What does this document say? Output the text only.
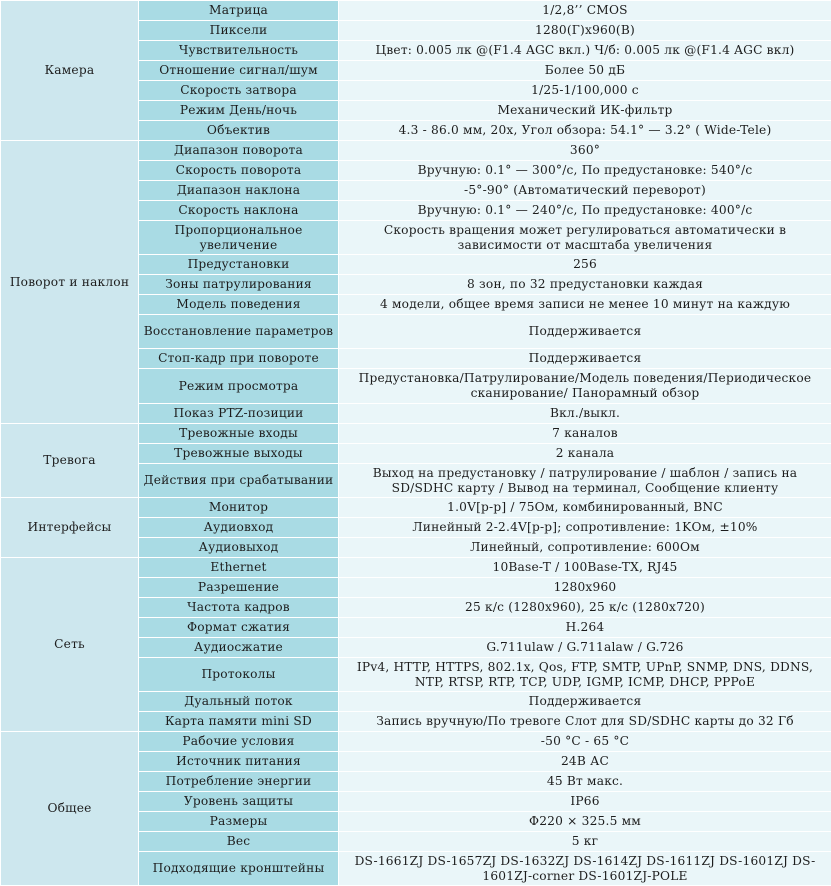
Камера	Матрица	1/2,8’’ CMOS
	Пиксели	1280(Г)x960(В)
	Чувствительность	Цвет: 0.005 лк @(F1.4 AGC вкл.) Ч/б: 0.005 лк @(F1.4 AGC вкл)
	Отношение сигнал/шум	Более 50 дБ
	Скорость затвора	1/25-1/100,000 с
	Режим День/ночь	Механический ИК-фильтр
	Объектив	4.3 - 86.0 мм, 20х, Угол обзора: 54.1° — 3.2° ( Wide-Tele)
Поворот и наклон	Диапазон поворота	360°
	Скорость поворота	Вручную: 0.1° — 300°/с, По предустановке: 540°/с
	Диапазон наклона	-5°-90° (Автоматический переворот)
	Скорость наклона	Вручную: 0.1° — 240°/с, По предустановке: 400°/с
	Пропорциональное увеличение	Скорость вращения может регулироваться автоматически в зависимости от масштаба увеличения
	Предустановки	256
	Зоны патрулирования	8 зон, по 32 предустановки каждая
	Модель поведения	4 модели, общее время записи не менее 10 минут на каждую
	Восстановление параметров	Поддерживается
	Стоп-кадр при повороте	Поддерживается
	Режим просмотра	Предустановка/Патрулирование/Модель поведения/Периодическое сканирование/ Панорамный обзор
	Показ PTZ-позиции	Вкл./выкл.
Тревога	Тревожные входы	7 каналов
	Тревожные выходы	2 канала
	Действия при срабатывании	Выход на предустановку / патрулирование / шаблон / запись на SD/SDHC карту / Вывод на терминал, Сообщение клиенту
Интерфейсы	Монитор	1.0V[p-p] / 75Ом, комбинированный, BNC
	Аудиовход	Линейный 2-2.4V[p-p]; сопротивление: 1KОм, ±10%
	Аудиовыход	Линейный, сопротивление: 600Ом
Сеть	Ethernet	10Base-T / 100Base-TX, RJ45
	Разрешение	1280x960
	Частота кадров	25 к/с (1280x960), 25 к/с (1280x720)
	Формат сжатия	H.264
	Аудиосжатие	G.711ulaw / G.711alaw / G.726
	Протоколы	IPv4, HTTP, HTTPS, 802.1x, Qos, FTP, SMTP, UPnP, SNMP, DNS, DDNS, NTP, RTSP, RTP, TCP, UDP, IGMP, ICMP, DHCP, PPPoE
	Дуальный поток	Поддерживается
	Карта памяти mini SD	Запись вручную/По тревоге Слот для SD/SDHC карты до 32 Гб
Общее	Рабочие условия	-50 °C - 65 °C
	Источник питания	24В АС
	Потребление энергии	45 Вт макс.
	Уровень защиты	IP66
	Размеры	Φ220 × 325.5 мм
	Вес	5 кг
	Подходящие кронштейны	DS-1661ZJ DS-1657ZJ DS-1632ZJ DS-1614ZJ DS-1611ZJ DS-1601ZJ DS-1601ZJ-corner DS-1601ZJ-POLE
